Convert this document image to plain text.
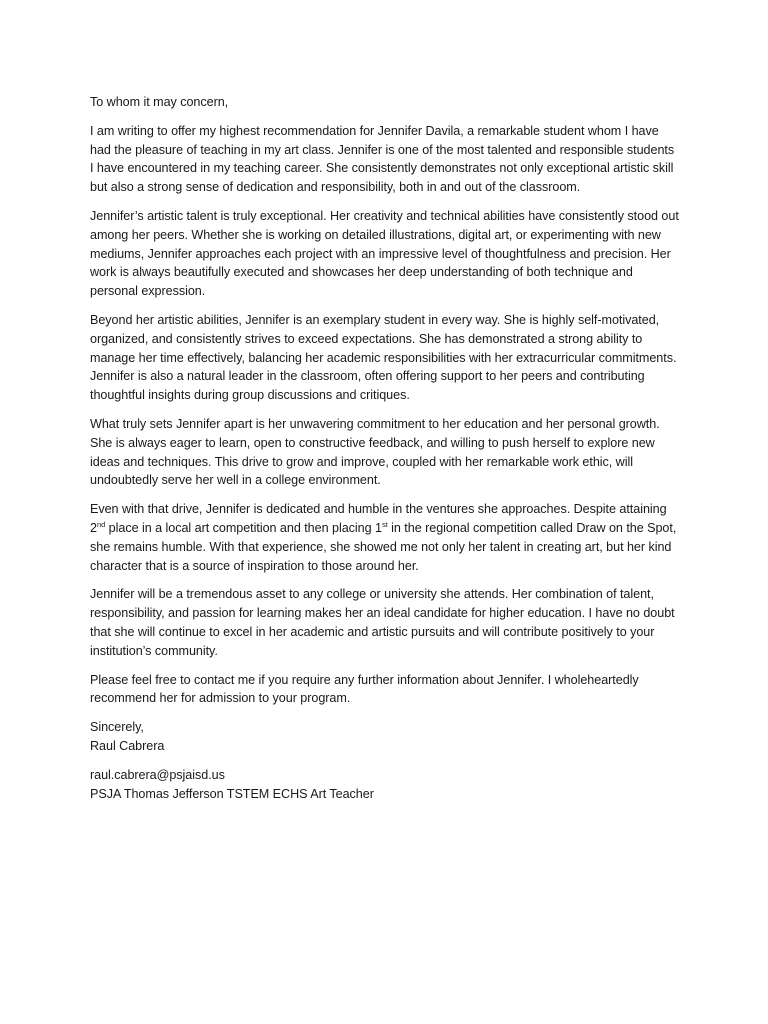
To whom it may concern,

I am writing to offer my highest recommendation for Jennifer Davila, a remarkable student whom I have had the pleasure of teaching in my art class. Jennifer is one of the most talented and responsible students I have encountered in my teaching career. She consistently demonstrates not only exceptional artistic skill but also a strong sense of dedication and responsibility, both in and out of the classroom.

Jennifer’s artistic talent is truly exceptional. Her creativity and technical abilities have consistently stood out among her peers. Whether she is working on detailed illustrations, digital art, or experimenting with new mediums, Jennifer approaches each project with an impressive level of thoughtfulness and precision. Her work is always beautifully executed and showcases her deep understanding of both technique and personal expression.

Beyond her artistic abilities, Jennifer is an exemplary student in every way. She is highly self-motivated, organized, and consistently strives to exceed expectations. She has demonstrated a strong ability to manage her time effectively, balancing her academic responsibilities with her extracurricular commitments. Jennifer is also a natural leader in the classroom, often offering support to her peers and contributing thoughtful insights during group discussions and critiques.

What truly sets Jennifer apart is her unwavering commitment to her education and her personal growth. She is always eager to learn, open to constructive feedback, and willing to push herself to explore new ideas and techniques. This drive to grow and improve, coupled with her remarkable work ethic, will undoubtedly serve her well in a college environment.

Even with that drive, Jennifer is dedicated and humble in the ventures she approaches. Despite attaining 2nd place in a local art competition and then placing 1st in the regional competition called Draw on the Spot, she remains humble. With that experience, she showed me not only her talent in creating art, but her kind character that is a source of inspiration to those around her.

Jennifer will be a tremendous asset to any college or university she attends. Her combination of talent, responsibility, and passion for learning makes her an ideal candidate for higher education. I have no doubt that she will continue to excel in her academic and artistic pursuits and will contribute positively to your institution’s community.

Please feel free to contact me if you require any further information about Jennifer. I wholeheartedly recommend her for admission to your program.

Sincerely,

Raul Cabrera

raul.cabrera@psjaisd.us

PSJA Thomas Jefferson TSTEM ECHS Art Teacher
